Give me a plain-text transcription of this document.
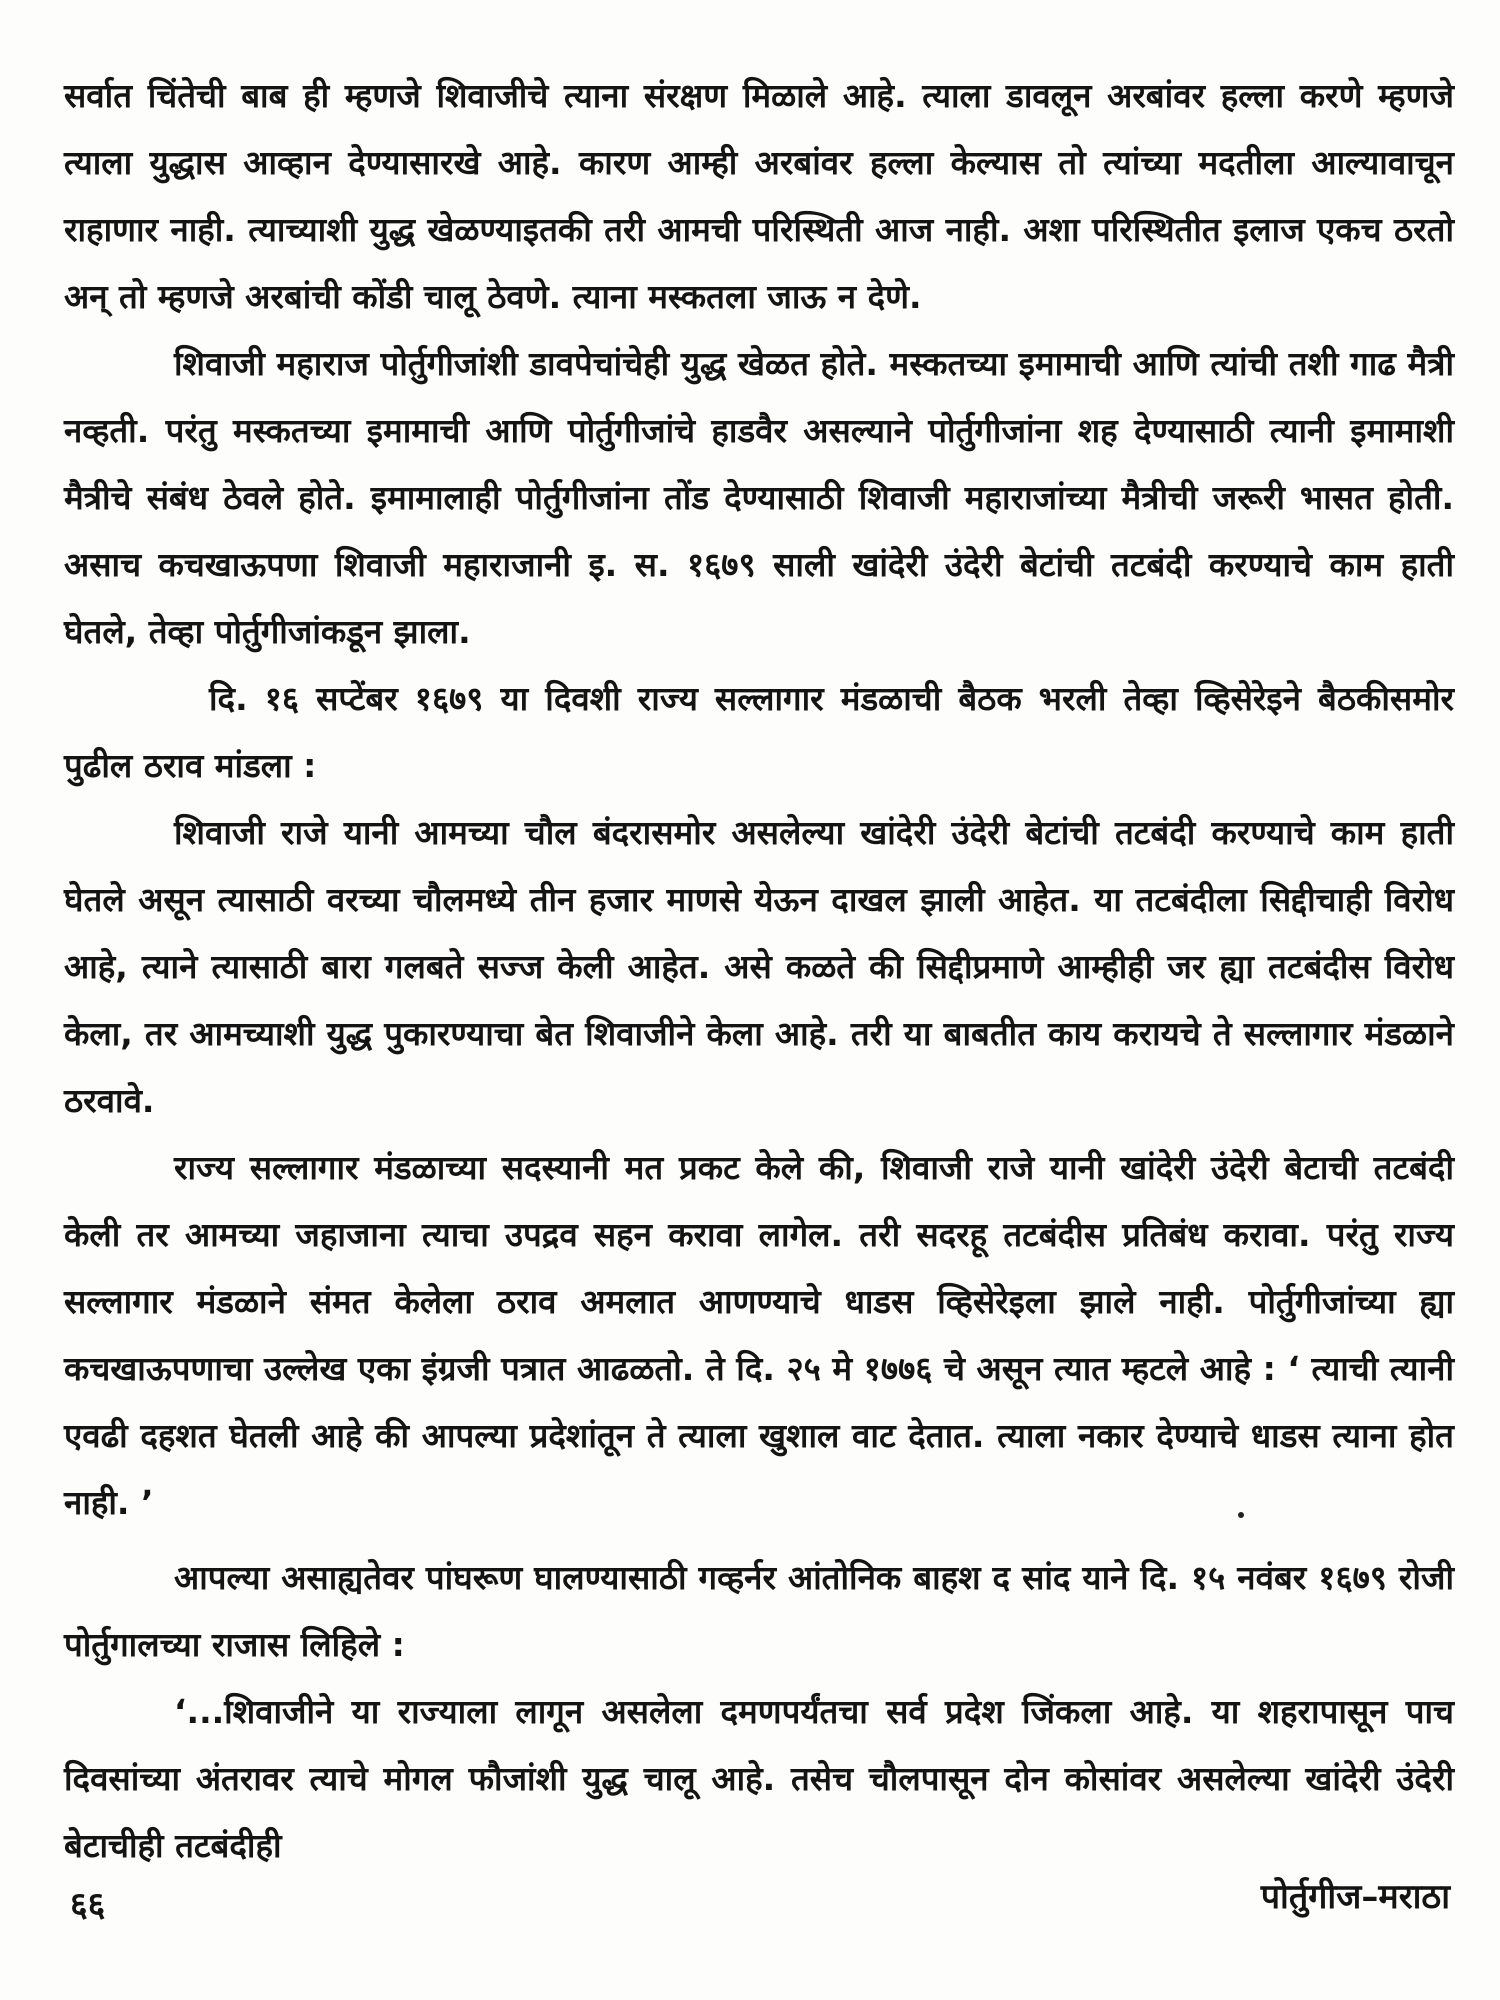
सर्वात चिंतेची बाब ही म्हणजे शिवाजीचे त्याना संरक्षण मिळाले आहे. त्याला डावलून अरबांवर हल्ला करणे म्हणजे त्याला युद्धास आव्हान देण्यासारखे आहे. कारण आम्ही अरबांवर हल्ला केल्यास तो त्यांच्या मदतीला आल्यावाचून राहाणार नाही. त्याच्याशी युद्ध खेळण्याइतकी तरी आमची परिस्थिती आज नाही. अशा परिस्थितीत इलाज एकच ठरतो अन् तो म्हणजे अरबांची कोंडी चालू ठेवणे. त्याना मस्कतला जाऊ न देणे.

शिवाजी महाराज पोर्तुगीजांशी डावपेचांचेही युद्ध खेळत होते. मस्कतच्या इमामाची आणि त्यांची तशी गाढ मैत्री नव्हती. परंतु मस्कतच्या इमामाची आणि पोर्तुगीजांचे हाडवैर असल्याने पोर्तुगीजांना शह देण्यासाठी त्यानी इमामाशी मैत्रीचे संबंध ठेवले होते. इमामालाही पोर्तुगीजांना तोंड देण्यासाठी शिवाजी महाराजांच्या मैत्रीची जरूरी भासत होती. असाच कचखाऊपणा शिवाजी महाराजानी इ. स. १६७९ साली खांदेरी उंदेरी बेटांची तटबंदी करण्याचे काम हाती घेतले, तेव्हा पोर्तुगीजांकडून झाला.

दि. १६ सप्टेंबर १६७९ या दिवशी राज्य सल्लागार मंडळाची बैठक भरली तेव्हा व्हिसेरेइने बैठकीसमोर पुढील ठराव मांडला :

शिवाजी राजे यानी आमच्या चौल बंदरासमोर असलेल्या खांदेरी उंदेरी बेटांची तटबंदी करण्याचे काम हाती घेतले असून त्यासाठी वरच्या चौलमध्ये तीन हजार माणसे येऊन दाखल झाली आहेत. या तटबंदीला सिद्दीचाही विरोध आहे, त्याने त्यासाठी बारा गलबते सज्ज केली आहेत. असे कळते की सिद्दीप्रमाणे आम्हीही जर ह्या तटबंदीस विरोध केला, तर आमच्याशी युद्ध पुकारण्याचा बेत शिवाजीने केला आहे. तरी या बाबतीत काय करायचे ते सल्लागार मंडळाने ठरवावे.

राज्य सल्लागार मंडळाच्या सदस्यानी मत प्रकट केले की, शिवाजी राजे यानी खांदेरी उंदेरी बेटाची तटबंदी केली तर आमच्या जहाजाना त्याचा उपद्रव सहन करावा लागेल. तरी सदरहू तटबंदीस प्रतिबंध करावा. परंतु राज्य सल्लागार मंडळाने संमत केलेला ठराव अमलात आणण्याचे धाडस व्हिसेरेइला झाले नाही. पोर्तुगीजांच्या ह्या कचखाऊपणाचा उल्लेख एका इंग्रजी पत्रात आढळतो. ते दि. २५ मे १७७६ चे असून त्यात म्हटले आहे : ‘ त्याची त्यानी एवढी दहशत घेतली आहे की आपल्या प्रदेशांतून ते त्याला खुशाल वाट देतात. त्याला नकार देण्याचे धाडस त्याना होत नाही. ’

आपल्या असाह्यतेवर पांघरूण घालण्यासाठी गव्हर्नर आंतोनिक बाहश द सांद याने दि. १५ नवंबर १६७९ रोजी पोर्तुगालच्या राजास लिहिले :

‘...शिवाजीने या राज्याला लागून असलेला दमणपर्यंतचा सर्व प्रदेश जिंकला आहे. या शहरापासून पाच दिवसांच्या अंतरावर त्याचे मोगल फौजांशी युद्ध चालू आहे. तसेच चौलपासून दोन कोसांवर असलेल्या खांदेरी उंदेरी बेटाचीही तटबंदीही

६६	पोर्तुगीज–मराठा
